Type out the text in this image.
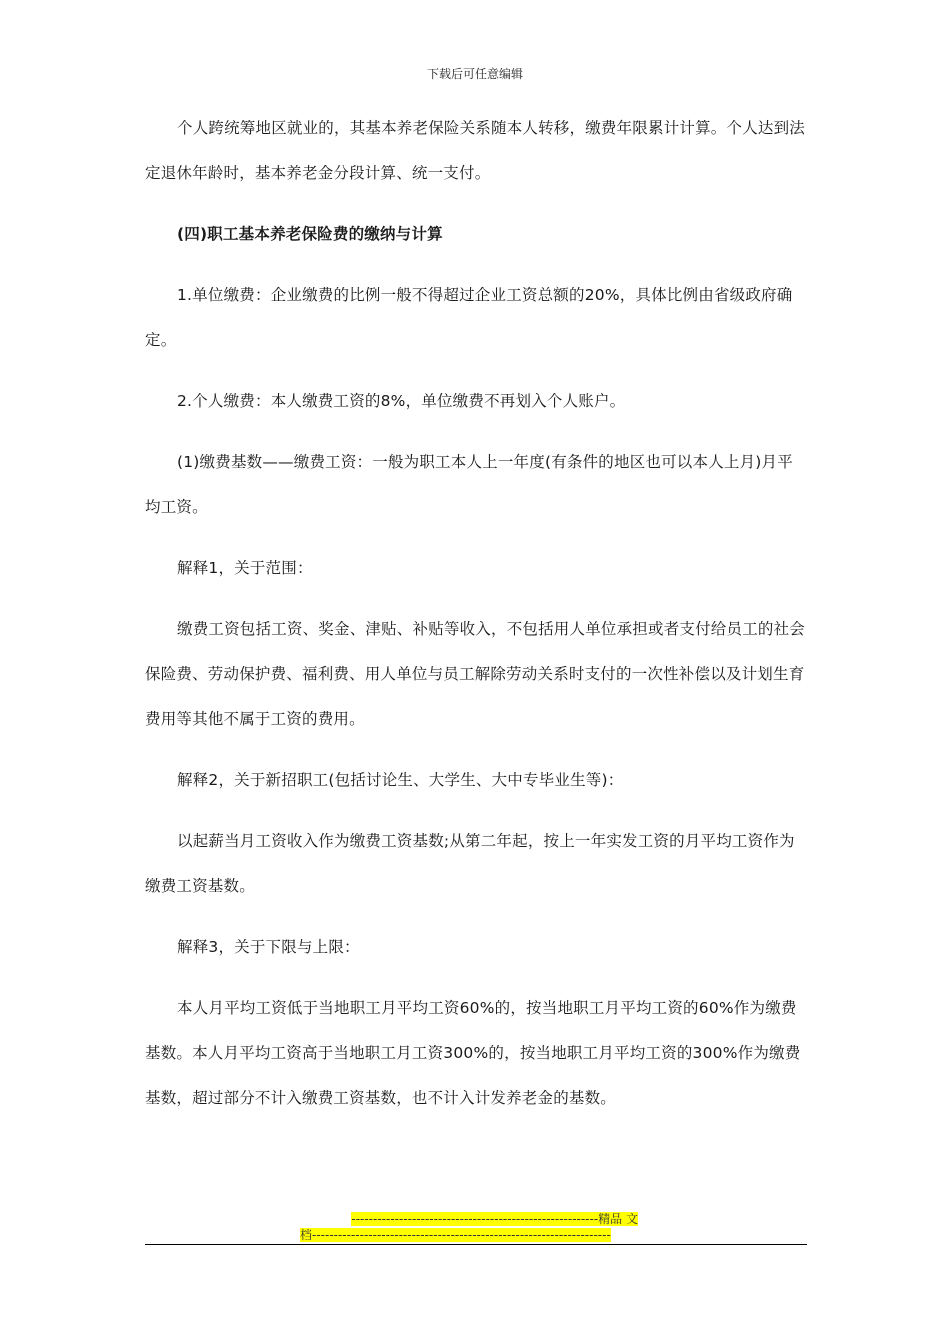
下载后可任意编辑

个人跨统筹地区就业的，其基本养老保险关系随本人转移，缴费年限累计计算。个人达到法定退休年龄时，基本养老金分段计算、统一支付。

(四)职工基本养老保险费的缴纳与计算

1.单位缴费：企业缴费的比例一般不得超过企业工资总额的20%，具体比例由省级政府确定。

2.个人缴费：本人缴费工资的8%，单位缴费不再划入个人账户。

(1)缴费基数——缴费工资：一般为职工本人上一年度(有条件的地区也可以本人上月)月平均工资。

解释1，关于范围：

缴费工资包括工资、奖金、津贴、补贴等收入，不包括用人单位承担或者支付给员工的社会保险费、劳动保护费、福利费、用人单位与员工解除劳动关系时支付的一次性补偿以及计划生育费用等其他不属于工资的费用。

解释2，关于新招职工(包括讨论生、大学生、大中专毕业生等)：

以起薪当月工资收入作为缴费工资基数;从第二年起，按上一年实发工资的月平均工资作为缴费工资基数。

解释3，关于下限与上限：

本人月平均工资低于当地职工月平均工资60%的，按当地职工月平均工资的60%作为缴费基数。本人月平均工资高于当地职工月工资300%的，按当地职工月平均工资的300%作为缴费基数，超过部分不计入缴费工资基数，也不计入计发养老金的基数。

---------------------------------------------------------精品 文
档---------------------------------------------------------------------
